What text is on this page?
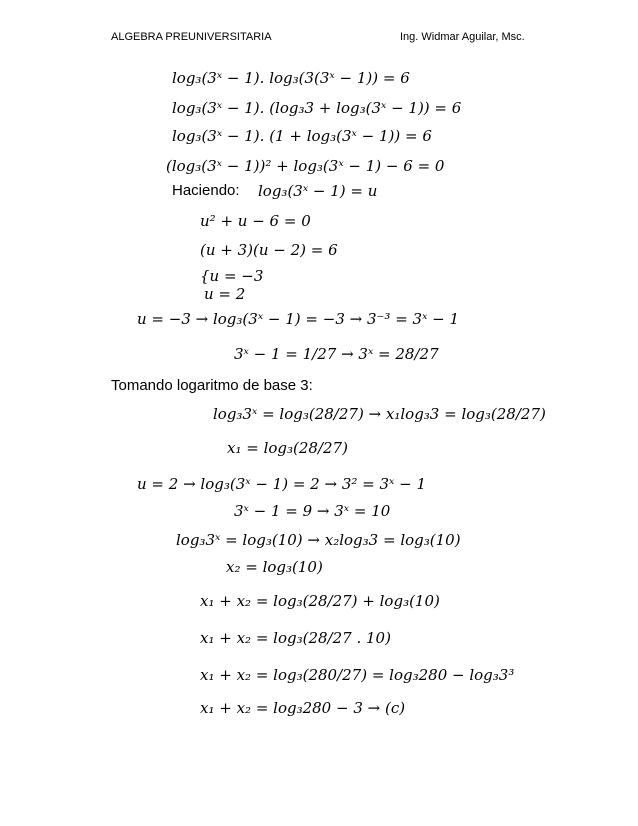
ALGEBRA PREUNIVERSITARIA	Ing. Widmar Aguilar, Msc.
log₃(3ˣ − 1). log₃(3(3ˣ − 1)) = 6
log₃(3ˣ − 1). (log₃3 + log₃(3ˣ − 1)) = 6
log₃(3ˣ − 1). (1 + log₃(3ˣ − 1)) = 6
(log₃(3ˣ − 1))² + log₃(3ˣ − 1) − 6 = 0
Haciendo: log₃(3ˣ − 1) = u
u² + u − 6 = 0
(u + 3)(u − 2) = 6
{u = −3
u = 2
u = −3 → log₃(3ˣ − 1) = −3 → 3⁻³ = 3ˣ − 1
3ˣ − 1 = 1/27 → 3ˣ = 28/27
Tomando logaritmo de base 3:
log₃3ˣ = log₃(28/27) → x₁log₃3 = log₃(28/27)
x₁ = log₃(28/27)
u = 2 → log₃(3ˣ − 1) = 2 → 3² = 3ˣ − 1
3ˣ − 1 = 9 → 3ˣ = 10
log₃3ˣ = log₃(10) → x₂log₃3 = log₃(10)
x₂ = log₃(10)
x₁ + x₂ = log₃(28/27) + log₃(10)
x₁ + x₂ = log₃(28/27 . 10)
x₁ + x₂ = log₃(280/27) = log₃280 − log₃3³
x₁ + x₂ = log₃280 − 3 → (c)
